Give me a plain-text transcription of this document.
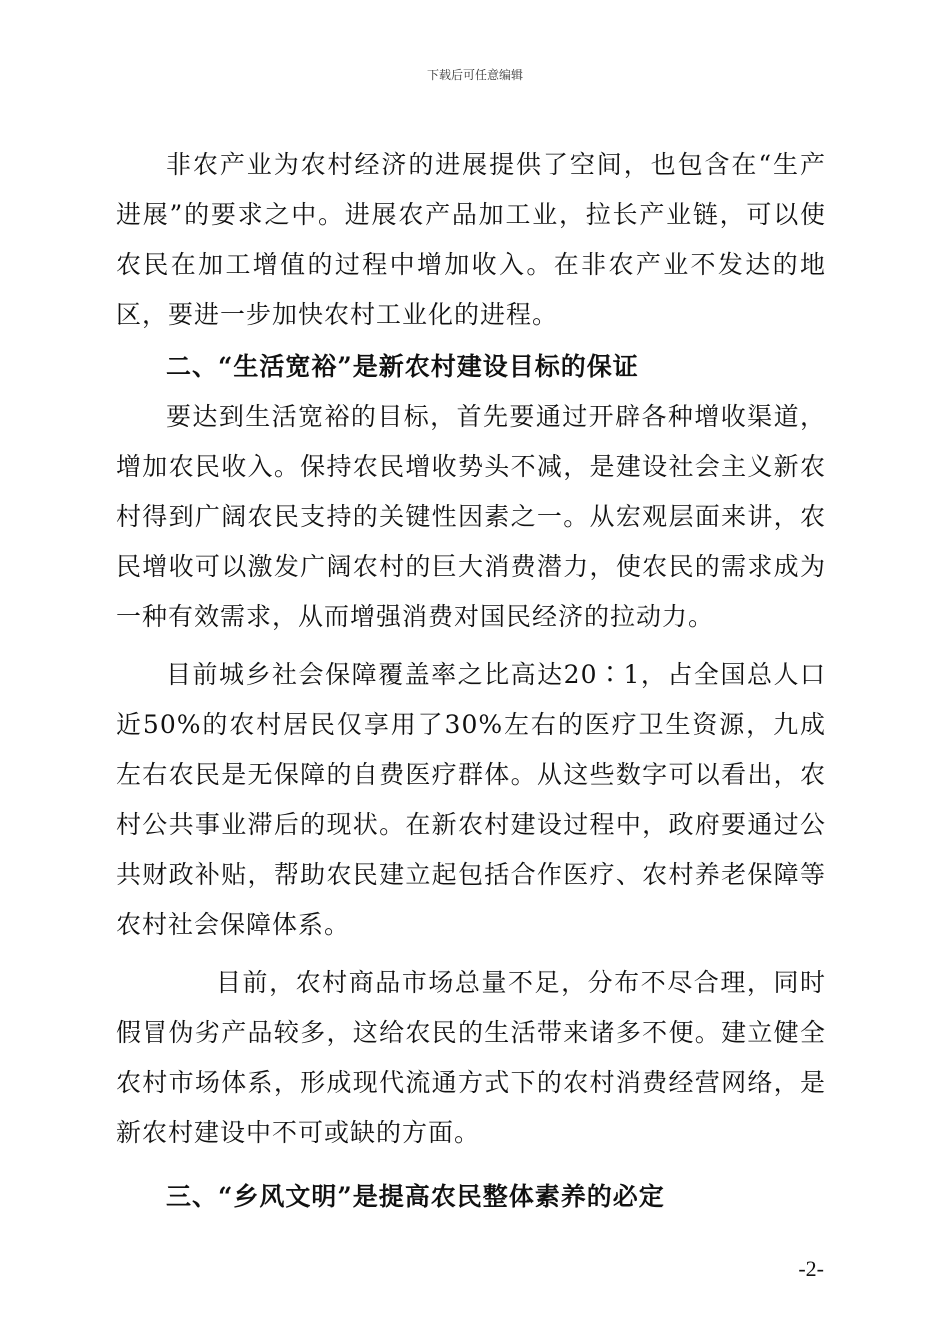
下载后可任意编辑

非农产业为农村经济的进展提供了空间，也包含在“生产进展”的要求之中。进展农产品加工业，拉长产业链，可以使农民在加工增值的过程中增加收入。在非农产业不发达的地区，要进一步加快农村工业化的进程。

二、“生活宽裕”是新农村建设目标的保证

要达到生活宽裕的目标，首先要通过开辟各种增收渠道，增加农民收入。保持农民增收势头不减，是建设社会主义新农村得到广阔农民支持的关键性因素之一。从宏观层面来讲，农民增收可以激发广阔农村的巨大消费潜力，使农民的需求成为一种有效需求，从而增强消费对国民经济的拉动力。

目前城乡社会保障覆盖率之比高达20∶1，占全国总人口近50%的农村居民仅享用了30%左右的医疗卫生资源，九成左右农民是无保障的自费医疗群体。从这些数字可以看出，农村公共事业滞后的现状。在新农村建设过程中，政府要通过公共财政补贴，帮助农民建立起包括合作医疗、农村养老保障等农村社会保障体系。

目前，农村商品市场总量不足，分布不尽合理，同时假冒伪劣产品较多，这给农民的生活带来诸多不便。建立健全农村市场体系，形成现代流通方式下的农村消费经营网络，是新农村建设中不可或缺的方面。

三、“乡风文明”是提高农民整体素养的必定

-2-
